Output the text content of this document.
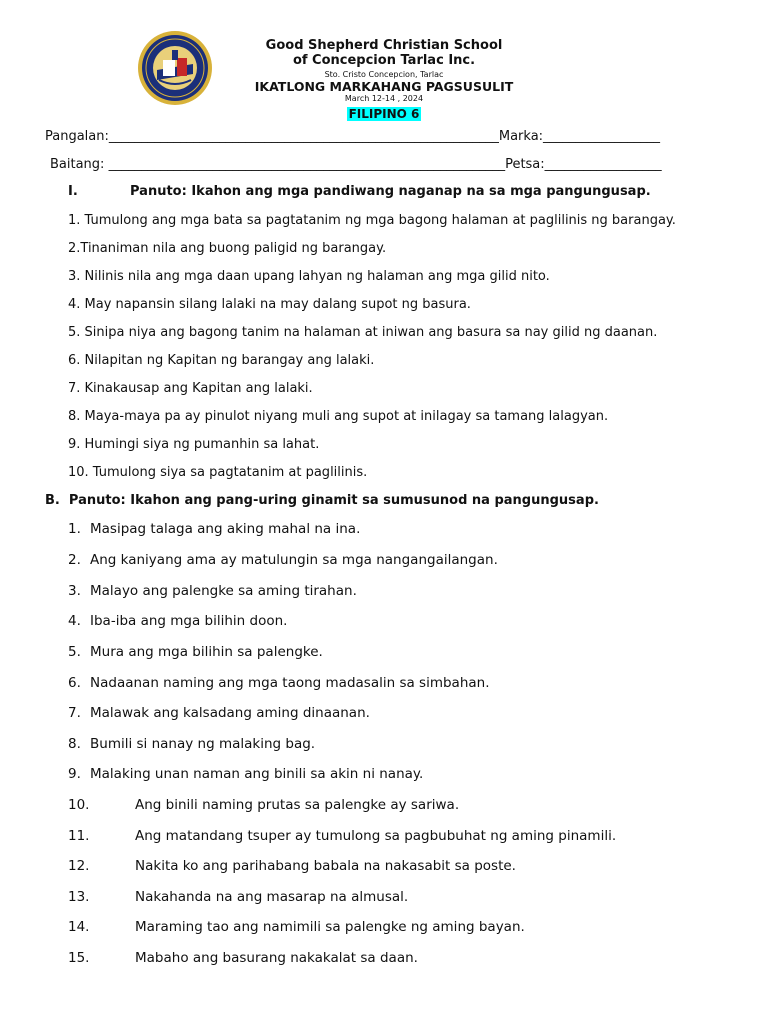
Good Shepherd Christian School
of Concepcion Tarlac Inc.
Sto. Cristo Concepcion, Tarlac
IKATLONG MARKAHANG PAGSUSULIT
March 12-14 , 2024
FILIPINO 6
Pangalan:____________________________________________________________Marka:__________________
Baitang: _____________________________________________________________Petsa:__________________
I.	Panuto: Ikahon ang mga pandiwang naganap na sa mga pangungusap.
1. Tumulong ang mga bata sa pagtatanim ng mga bagong halaman at paglilinis ng barangay.
2.Tinaniman nila ang buong paligid ng barangay.
3. Nilinis nila ang mga daan upang lahyan ng halaman ang mga gilid nito.
4. May napansin silang lalaki na may dalang supot ng basura.
5. Sinipa niya ang bagong tanim na halaman at iniwan ang basura sa nay gilid ng daanan.
6. Nilapitan ng Kapitan ng barangay ang lalaki.
7. Kinakausap ang Kapitan ang lalaki.
8. Maya-maya pa ay pinulot niyang muli ang supot at inilagay sa tamang lalagyan.
9. Humingi siya ng pumanhin sa lahat.
10. Tumulong siya sa pagtatanim at paglilinis.
B.  Panuto: Ikahon ang pang-uring ginamit sa sumusunod na pangungusap.
1. Masipag talaga ang aking mahal na ina.
2. Ang kaniyang ama ay matulungin sa mga nangangailangan.
3. Malayo ang palengke sa aming tirahan.
4. Iba-iba ang mga bilihin doon.
5. Mura ang mga bilihin sa palengke.
6. Nadaanan naming ang mga taong madasalin sa simbahan.
7. Malawak ang kalsadang aming dinaanan.
8. Bumili si nanay ng malaking bag.
9. Malaking unan naman ang binili sa akin ni nanay.
10.	Ang binili naming prutas sa palengke ay sariwa.
11.	Ang matandang tsuper ay tumulong sa pagbubuhat ng aming pinamili.
12.	Nakita ko ang parihabang babala na nakasabit sa poste.
13.	Nakahanda na ang masarap na almusal.
14.	Maraming tao ang namimili sa palengke ng aming bayan.
15.	Mabaho ang basurang nakakalat sa daan.
